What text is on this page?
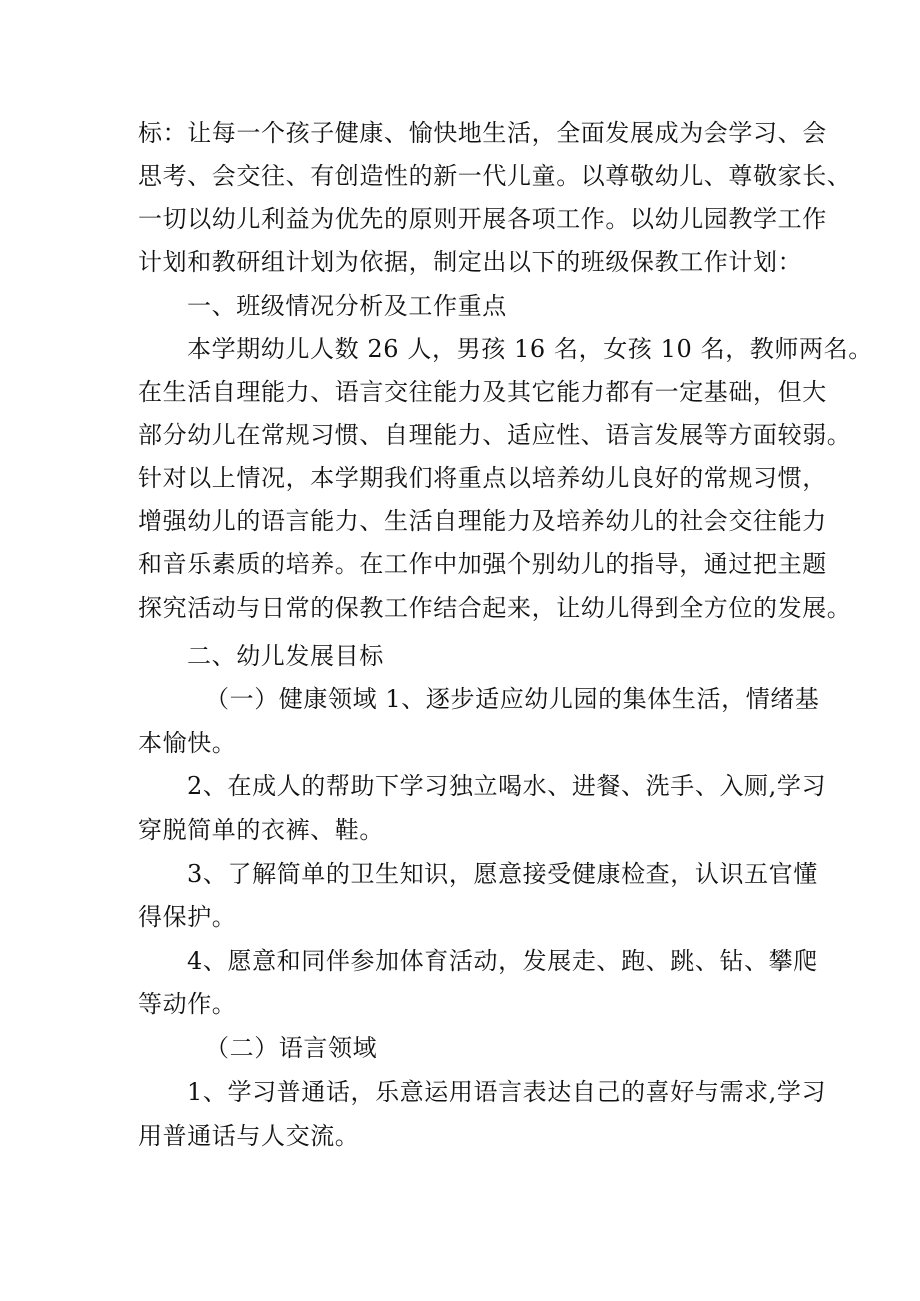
标：让每一个孩子健康、愉快地生活，全面发展成为会学习、会
思考、会交往、有创造性的新一代儿童。以尊敬幼儿、尊敬家长、
一切以幼儿利益为优先的原则开展各项工作。以幼儿园教学工作
计划和教研组计划为依据，制定出以下的班级保教工作计划：
一、班级情况分析及工作重点
本学期幼儿人数 26 人，男孩 16 名，女孩 10 名，教师两名。
在生活自理能力、语言交往能力及其它能力都有一定基础，但大
部分幼儿在常规习惯、自理能力、适应性、语言发展等方面较弱。
针对以上情况，本学期我们将重点以培养幼儿良好的常规习惯，
增强幼儿的语言能力、生活自理能力及培养幼儿的社会交往能力
和音乐素质的培养。在工作中加强个别幼儿的指导，通过把主题
探究活动与日常的保教工作结合起来，让幼儿得到全方位的发展。
二、幼儿发展目标
（一）健康领域 1、逐步适应幼儿园的集体生活，情绪基
本愉快。
2、在成人的帮助下学习独立喝水、进餐、洗手、入厕,学习
穿脱简单的衣裤、鞋。
3、了解简单的卫生知识，愿意接受健康检查，认识五官懂
得保护。
4、愿意和同伴参加体育活动，发展走、跑、跳、钻、攀爬
等动作。
（二）语言领域
1、学习普通话，乐意运用语言表达自己的喜好与需求,学习
用普通话与人交流。
